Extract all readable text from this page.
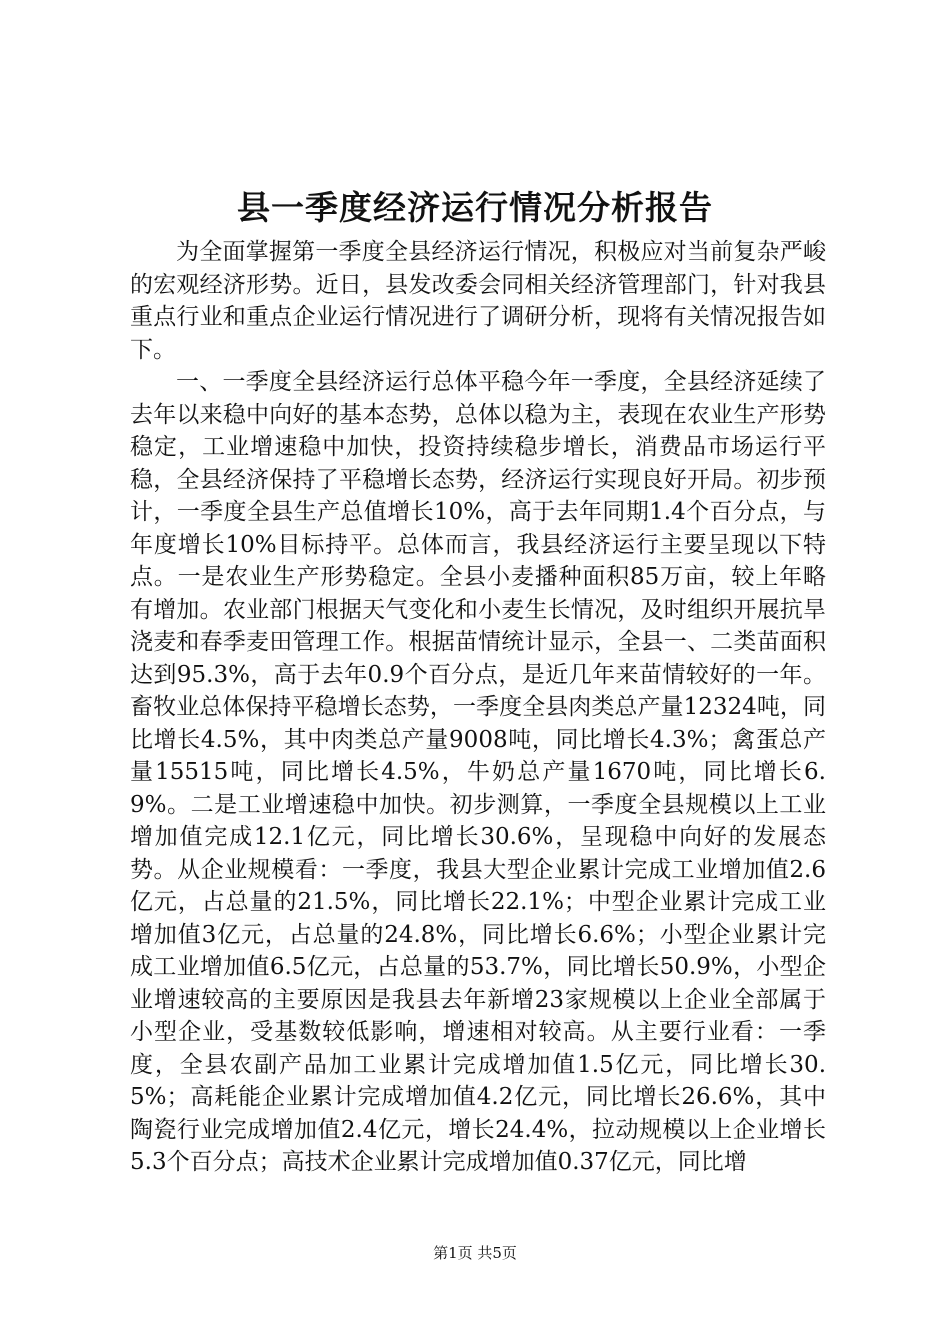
县一季度经济运行情况分析报告

为全面掌握第一季度全县经济运行情况，积极应对当前复杂严峻的宏观经济形势。近日，县发改委会同相关经济管理部门，针对我县重点行业和重点企业运行情况进行了调研分析，现将有关情况报告如下。

一、一季度全县经济运行总体平稳今年一季度，全县经济延续了去年以来稳中向好的基本态势，总体以稳为主，表现在农业生产形势稳定，工业增速稳中加快，投资持续稳步增长，消费品市场运行平稳，全县经济保持了平稳增长态势，经济运行实现良好开局。初步预计，一季度全县生产总值增长10%，高于去年同期1.4个百分点，与年度增长10%目标持平。总体而言，我县经济运行主要呈现以下特点。一是农业生产形势稳定。全县小麦播种面积85万亩，较上年略有增加。农业部门根据天气变化和小麦生长情况，及时组织开展抗旱浇麦和春季麦田管理工作。根据苗情统计显示，全县一、二类苗面积达到95.3%，高于去年0.9个百分点，是近几年来苗情较好的一年。畜牧业总体保持平稳增长态势，一季度全县肉类总产量12324吨，同比增长4.5%，其中肉类总产量9008吨，同比增长4.3%；禽蛋总产量15515吨，同比增长4.5%，牛奶总产量1670吨，同比增长6.9%。二是工业增速稳中加快。初步测算，一季度全县规模以上工业增加值完成12.1亿元，同比增长30.6%，呈现稳中向好的发展态势。从企业规模看：一季度，我县大型企业累计完成工业增加值2.6亿元，占总量的21.5%，同比增长22.1%；中型企业累计完成工业增加值3亿元，占总量的24.8%，同比增长6.6%；小型企业累计完成工业增加值6.5亿元，占总量的53.7%，同比增长50.9%，小型企业增速较高的主要原因是我县去年新增23家规模以上企业全部属于小型企业，受基数较低影响，增速相对较高。从主要行业看：一季度，全县农副产品加工业累计完成增加值1.5亿元，同比增长30.5%；高耗能企业累计完成增加值4.2亿元，同比增长26.6%，其中陶瓷行业完成增加值2.4亿元，增长24.4%，拉动规模以上企业增长5.3个百分点；高技术企业累计完成增加值0.37亿元，同比增

第1页 共5页
